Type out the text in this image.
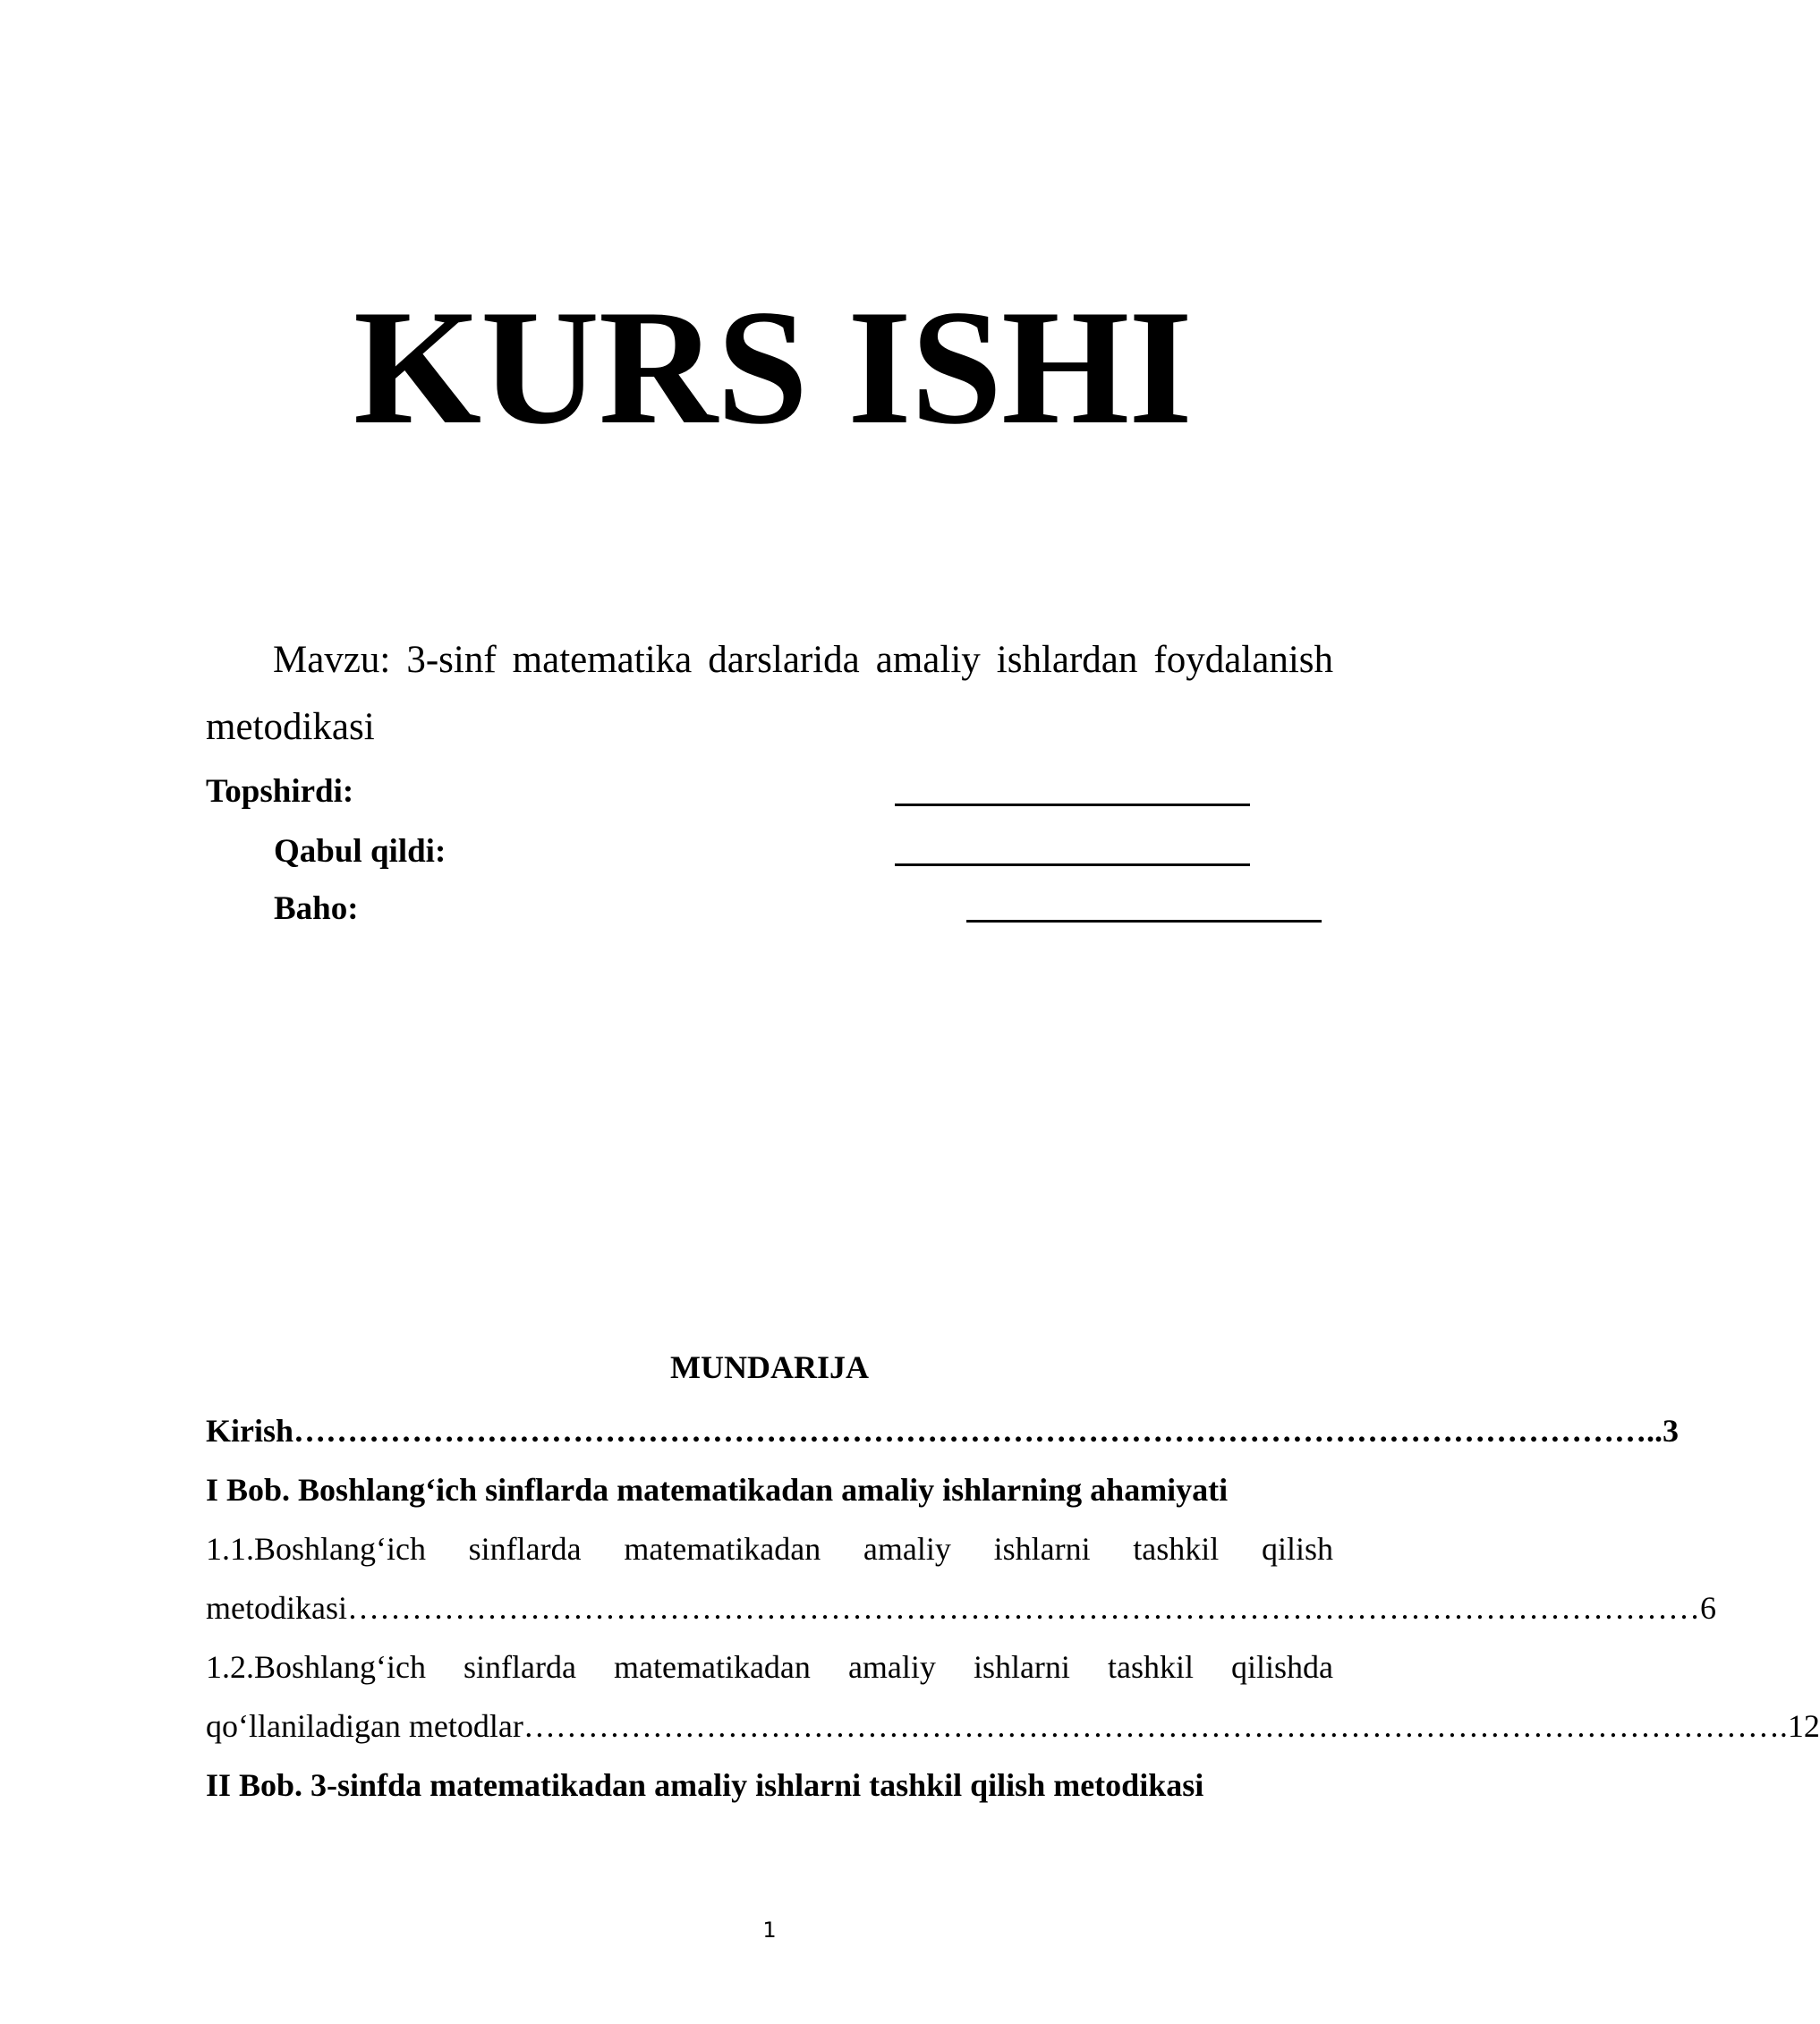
KURS ISHI
Mavzu: 3-sinf matematika darslarida amaliy ishlardan foydalanish metodikasi
Topshirdi:
Qabul qildi:
Baho:
MUNDARIJA
Kirish ……………………………………………………………………………………………………………… ..3
I Bob. Boshlang‘ich sinflarda matematikadan amaliy ishlarning ahamiyati
1.1.Boshlang‘ich sinflarda matematikadan amaliy ishlarni tashkil qilish
metodikasi ……………………………………………………………………………………………………………… 6
1.2.Boshlang‘ich sinflarda matematikadan amaliy ishlarni tashkil qilishda
qo‘llaniladigan metodlar ……………………………………………………………………………………………………… .12
II Bob. 3-sinfda matematikadan amaliy ishlarni tashkil qilish metodikasi
1
